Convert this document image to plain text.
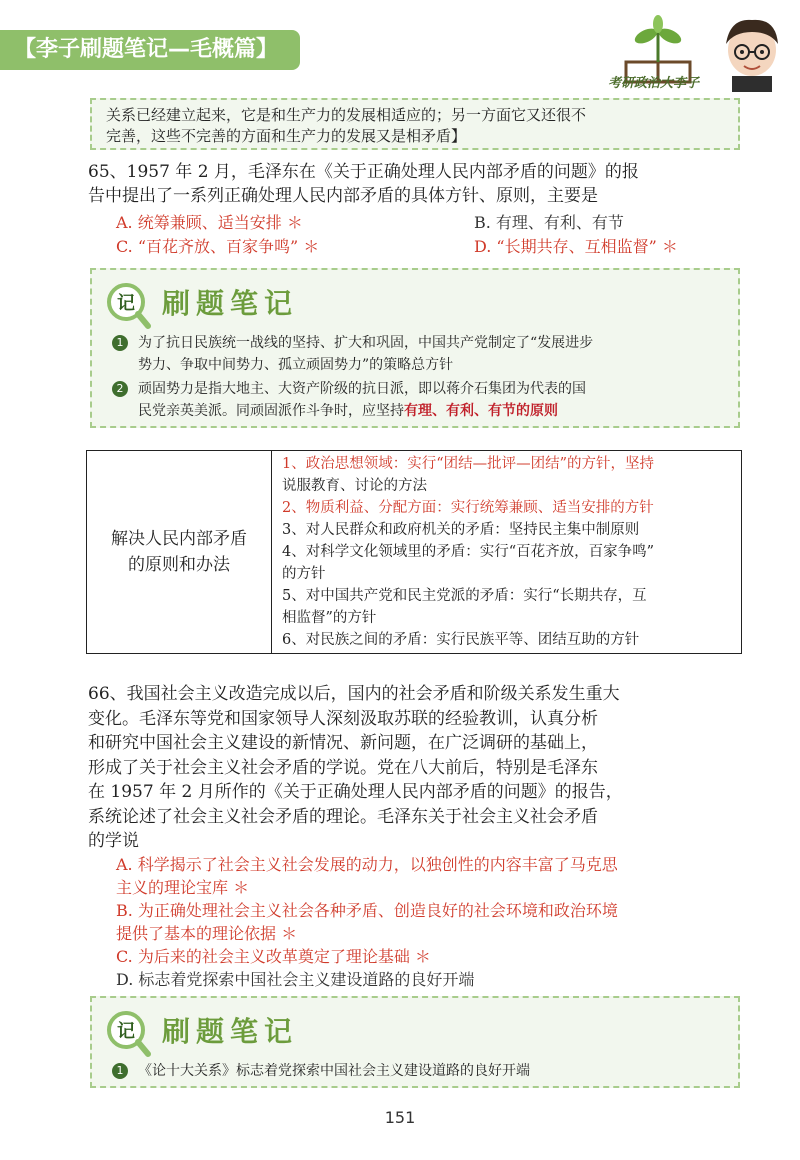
【李子刷题笔记—毛概篇】
考研政治大李子
关系已经建立起来，它是和生产力的发展相适应的；另一方面它又还很不
完善，这些不完善的方面和生产力的发展又是相矛盾】
65、1957 年 2 月，毛泽东在《关于正确处理人民内部矛盾的问题》的报
告中提出了一系列正确处理人民内部矛盾的具体方针、原则，主要是
A. 统筹兼顾、适当安排 ＊	B. 有理、有利、有节
C. “百花齐放、百家争鸣” ＊	D. “长期共存、互相监督” ＊
记 刷题笔记
1 为了抗日民族统一战线的坚持、扩大和巩固，中国共产党制定了“发展进步
势力、争取中间势力、孤立顽固势力”的策略总方针
2 顽固势力是指大地主、大资产阶级的抗日派，即以蒋介石集团为代表的国
民党亲英美派。同顽固派作斗争时，应坚持有理、有利、有节的原则
解决人民内部矛盾
的原则和办法

1、政治思想领域：实行“团结—批评—团结”的方针，坚持
说服教育、讨论的方法
2、物质利益、分配方面：实行统筹兼顾、适当安排的方针
3、对人民群众和政府机关的矛盾：坚持民主集中制原则
4、对科学文化领域里的矛盾：实行“百花齐放，百家争鸣”
的方针
5、对中国共产党和民主党派的矛盾：实行“长期共存，互
相监督”的方针
6、对民族之间的矛盾：实行民族平等、团结互助的方针
66、我国社会主义改造完成以后，国内的社会矛盾和阶级关系发生重大
变化。毛泽东等党和国家领导人深刻汲取苏联的经验教训，认真分析
和研究中国社会主义建设的新情况、新问题，在广泛调研的基础上，
形成了关于社会主义社会矛盾的学说。党在八大前后，特别是毛泽东
在 1957 年 2 月所作的《关于正确处理人民内部矛盾的问题》的报告，
系统论述了社会主义社会矛盾的理论。毛泽东关于社会主义社会矛盾
的学说
A. 科学揭示了社会主义社会发展的动力，以独创性的内容丰富了马克思
主义的理论宝库 ＊
B. 为正确处理社会主义社会各种矛盾、创造良好的社会环境和政治环境
提供了基本的理论依据 ＊
C. 为后来的社会主义改革奠定了理论基础 ＊
D. 标志着党探索中国社会主义建设道路的良好开端
记 刷题笔记
1 《论十大关系》标志着党探索中国社会主义建设道路的良好开端
151
